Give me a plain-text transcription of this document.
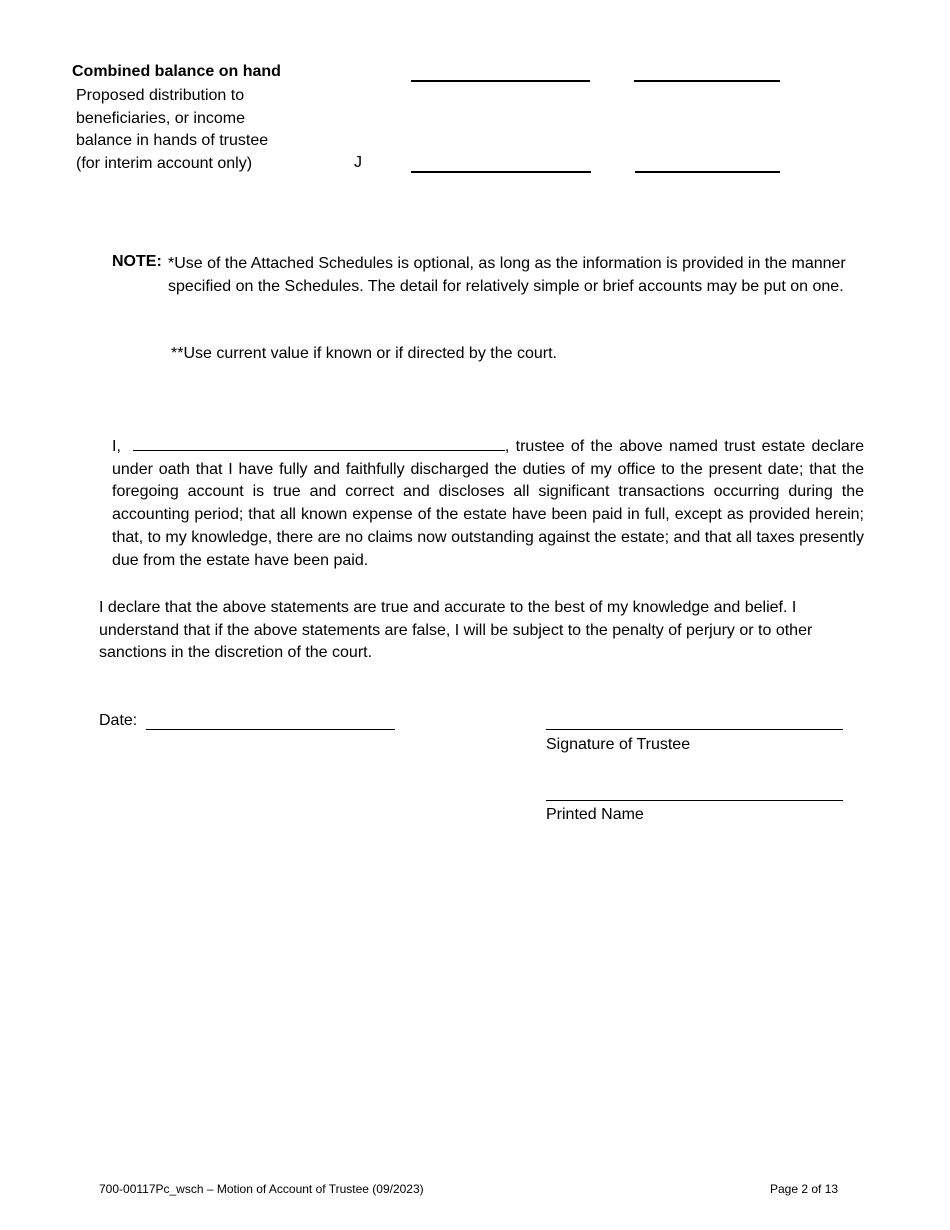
Combined balance on hand
Proposed distribution to
beneficiaries, or income
balance in hands of trustee
(for interim account only)	J
NOTE: *Use of the Attached Schedules is optional, as long as the information is provided in the manner specified on the Schedules. The detail for relatively simple or brief accounts may be put on one.
**Use current value if known or if directed by the court.
I,	, trustee of the above named trust estate declare under oath that I have fully and faithfully discharged the duties of my office to the present date; that the foregoing account is true and correct and discloses all significant transactions occurring during the accounting period; that all known expense of the estate have been paid in full, except as provided herein; that, to my knowledge, there are no claims now outstanding against the estate; and that all taxes presently due from the estate have been paid.
I declare that the above statements are true and accurate to the best of my knowledge and belief. I understand that if the above statements are false, I will be subject to the penalty of perjury or to other sanctions in the discretion of the court.
Date:
Signature of Trustee
Printed Name
700-00117Pc_wsch – Motion of Account of Trustee (09/2023)	Page 2 of 13
